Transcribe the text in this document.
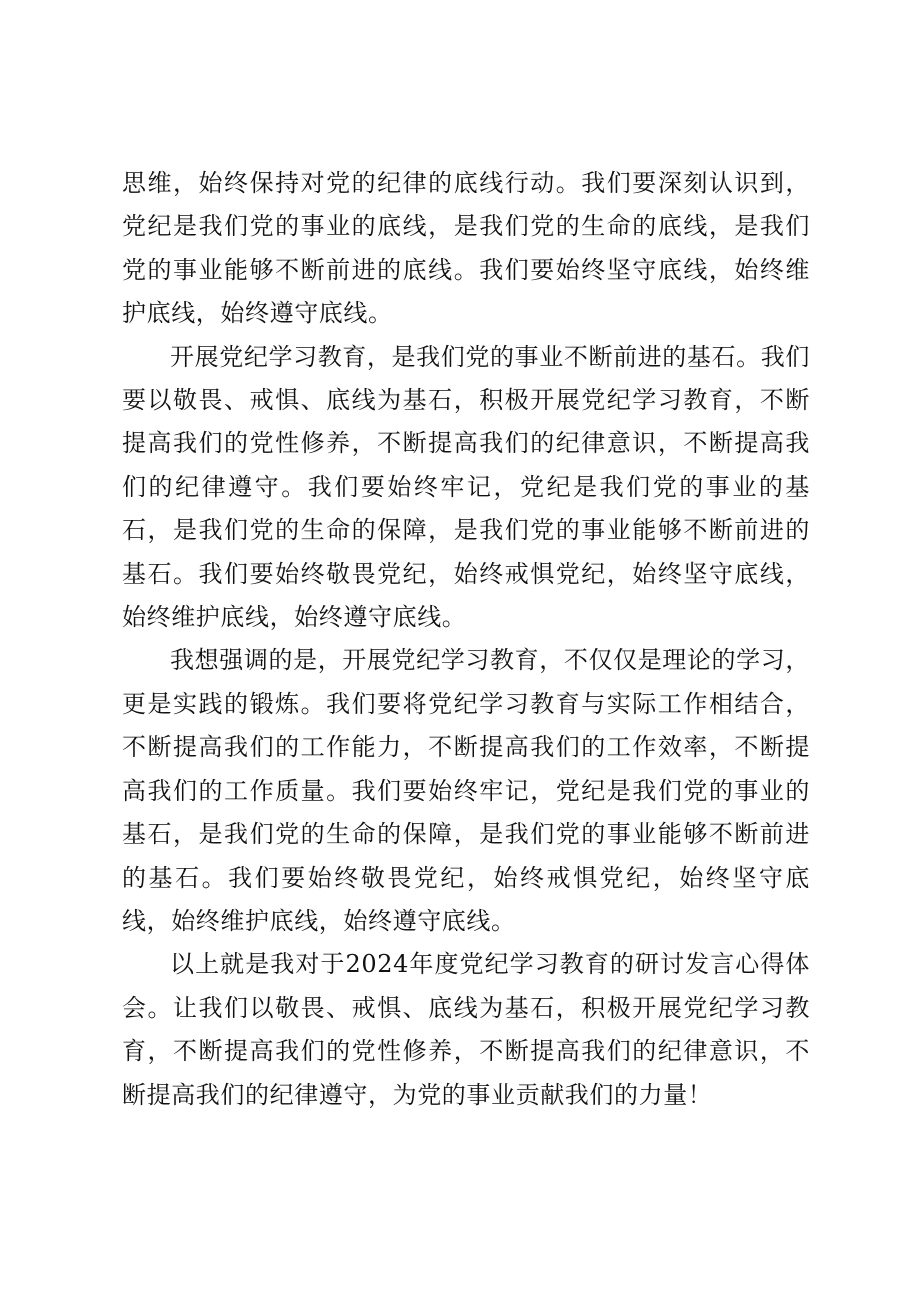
思维，始终保持对党的纪律的底线行动。我们要深刻认识到，党纪是我们党的事业的底线，是我们党的生命的底线，是我们党的事业能够不断前进的底线。我们要始终坚守底线，始终维护底线，始终遵守底线。

开展党纪学习教育，是我们党的事业不断前进的基石。我们要以敬畏、戒惧、底线为基石，积极开展党纪学习教育，不断提高我们的党性修养，不断提高我们的纪律意识，不断提高我们的纪律遵守。我们要始终牢记，党纪是我们党的事业的基石，是我们党的生命的保障，是我们党的事业能够不断前进的基石。我们要始终敬畏党纪，始终戒惧党纪，始终坚守底线，始终维护底线，始终遵守底线。

我想强调的是，开展党纪学习教育，不仅仅是理论的学习，更是实践的锻炼。我们要将党纪学习教育与实际工作相结合，不断提高我们的工作能力，不断提高我们的工作效率，不断提高我们的工作质量。我们要始终牢记，党纪是我们党的事业的基石，是我们党的生命的保障，是我们党的事业能够不断前进的基石。我们要始终敬畏党纪，始终戒惧党纪，始终坚守底线，始终维护底线，始终遵守底线。

以上就是我对于2024年度党纪学习教育的研讨发言心得体会。让我们以敬畏、戒惧、底线为基石，积极开展党纪学习教育，不断提高我们的党性修养，不断提高我们的纪律意识，不断提高我们的纪律遵守，为党的事业贡献我们的力量！
